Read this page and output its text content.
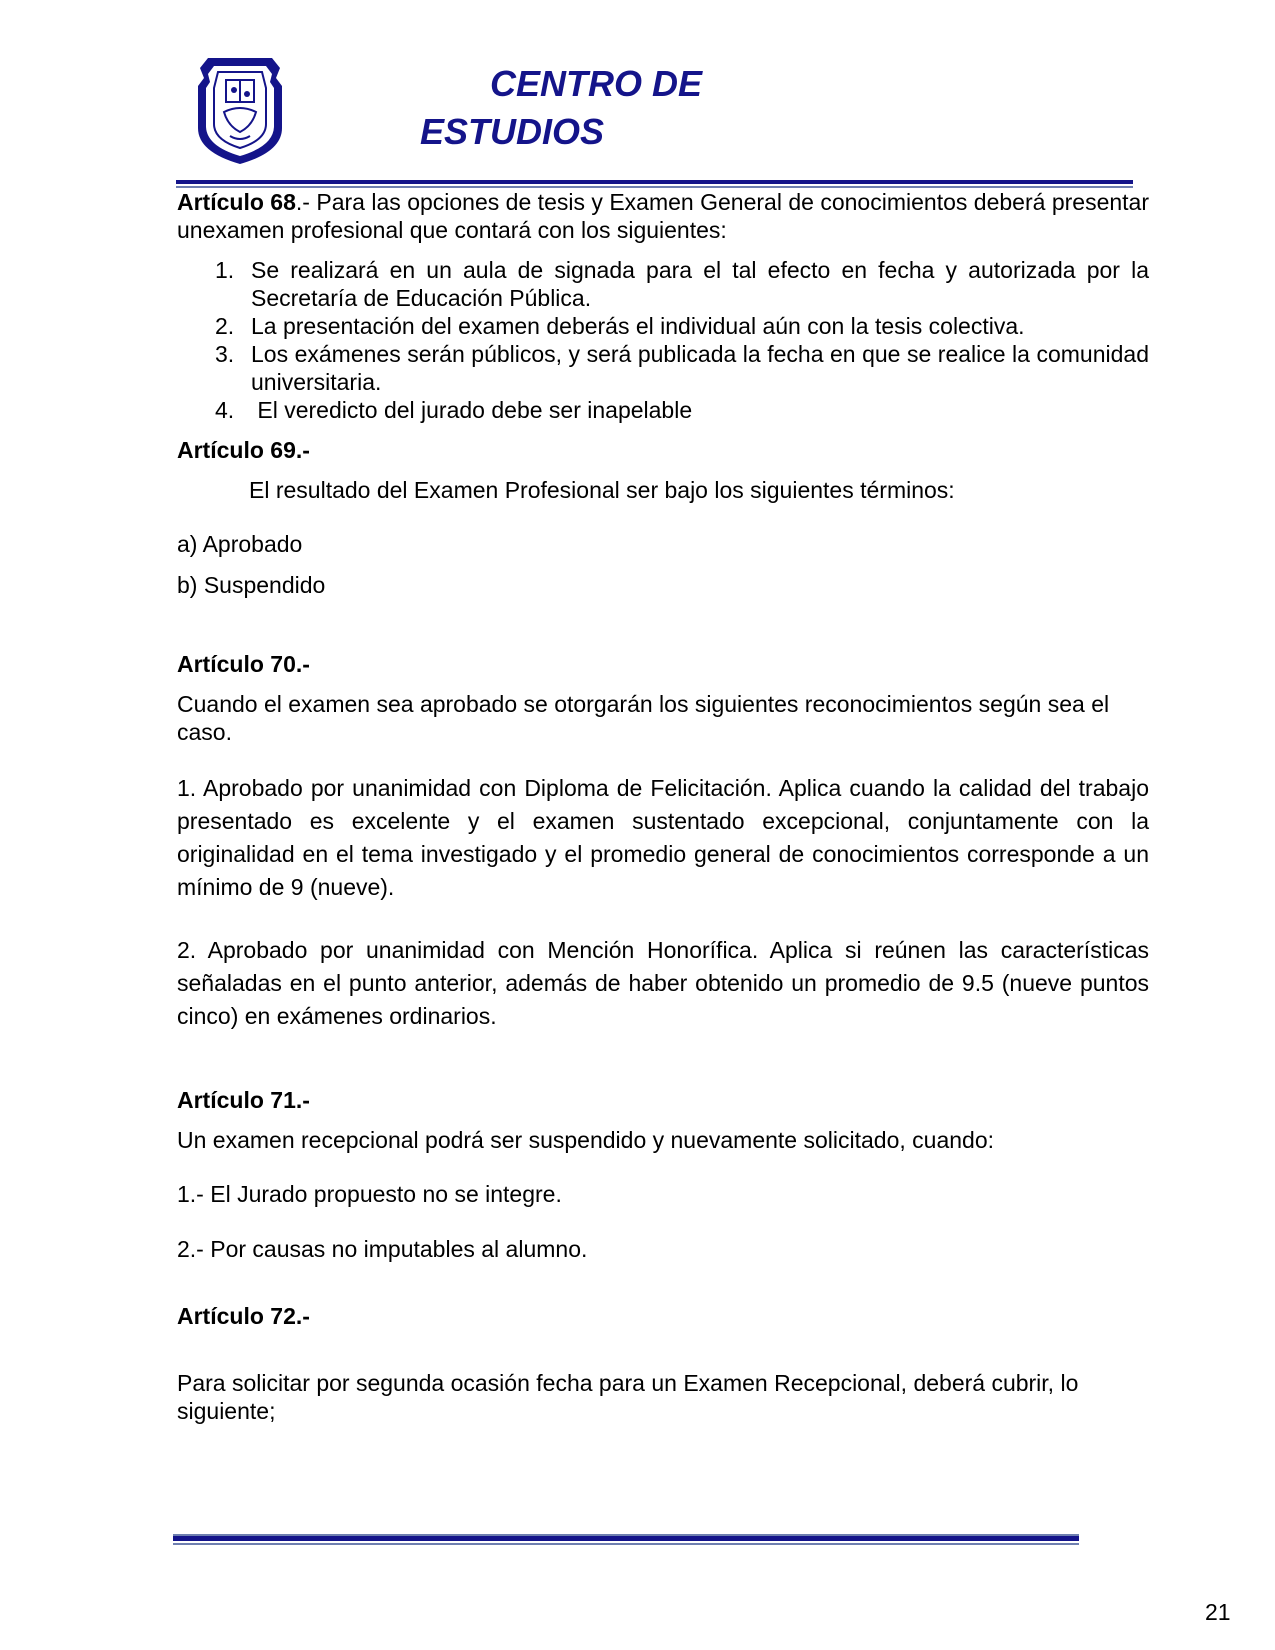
CENTRO DE
ESTUDIOS

Artículo 68.- Para las opciones de tesis y Examen General de conocimientos deberá presentar unexamen profesional que contará con los siguientes:

1. Se realizará en un aula de signada para el tal efecto en fecha y autorizada por la Secretaría de Educación Pública.
2. La presentación del examen deberás el individual aún con la tesis colectiva.
3. Los exámenes serán públicos, y será publicada la fecha en que se realice la comunidad universitaria.
4. El veredicto del jurado debe ser inapelable

Artículo 69.-

El resultado del Examen Profesional ser bajo los siguientes términos:

a) Aprobado

b) Suspendido

Artículo 70.-

Cuando el examen sea aprobado se otorgarán los siguientes reconocimientos según sea el caso.

1. Aprobado por unanimidad con Diploma de Felicitación. Aplica cuando la calidad del trabajo presentado es excelente y el examen sustentado excepcional, conjuntamente con la originalidad en el tema investigado y el promedio general de conocimientos corresponde a un mínimo de 9 (nueve).

2. Aprobado por unanimidad con Mención Honorífica. Aplica si reúnen las características señaladas en el punto anterior, además de haber obtenido un promedio de 9.5 (nueve puntos cinco) en exámenes ordinarios.

Artículo 71.-

Un examen recepcional podrá ser suspendido y nuevamente solicitado, cuando:

1.- El Jurado propuesto no se integre.

2.- Por causas no imputables al alumno.

Artículo 72.-

Para solicitar por segunda ocasión fecha para un Examen Recepcional, deberá cubrir, lo siguiente;

21
